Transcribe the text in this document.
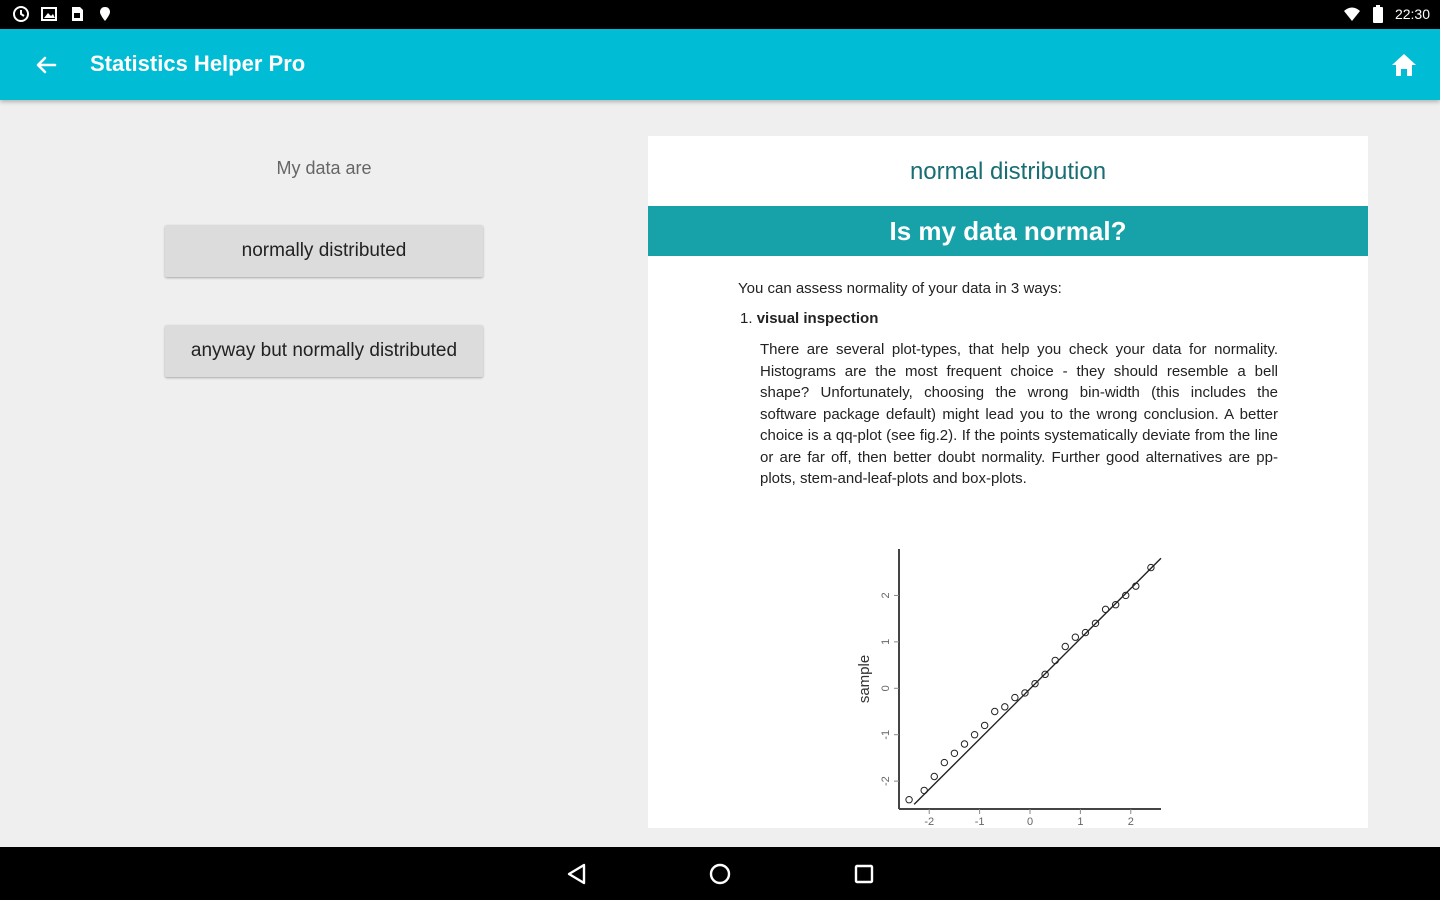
22:30
Statistics Helper Pro
My data are
normally distributed
anyway but normally distributed
normal distribution
Is my data normal?
You can assess normality of your data in 3 ways:
1. visual inspection
There are several plot-types, that help you check your data for normality. Histograms are the most frequent choice - they should resemble a bell shape? Unfortunately, choosing the wrong bin-width (this includes the software package default) might lead you to the wrong conclusion. A better choice is a qq-plot (see fig.2). If the points systematically deviate from the line or are far off, then better doubt normality. Further good alternatives are pp-plots, stem-and-leaf-plots and box-plots.
2
1
0
-1
-2
-2	-1	0	1	2
sample
